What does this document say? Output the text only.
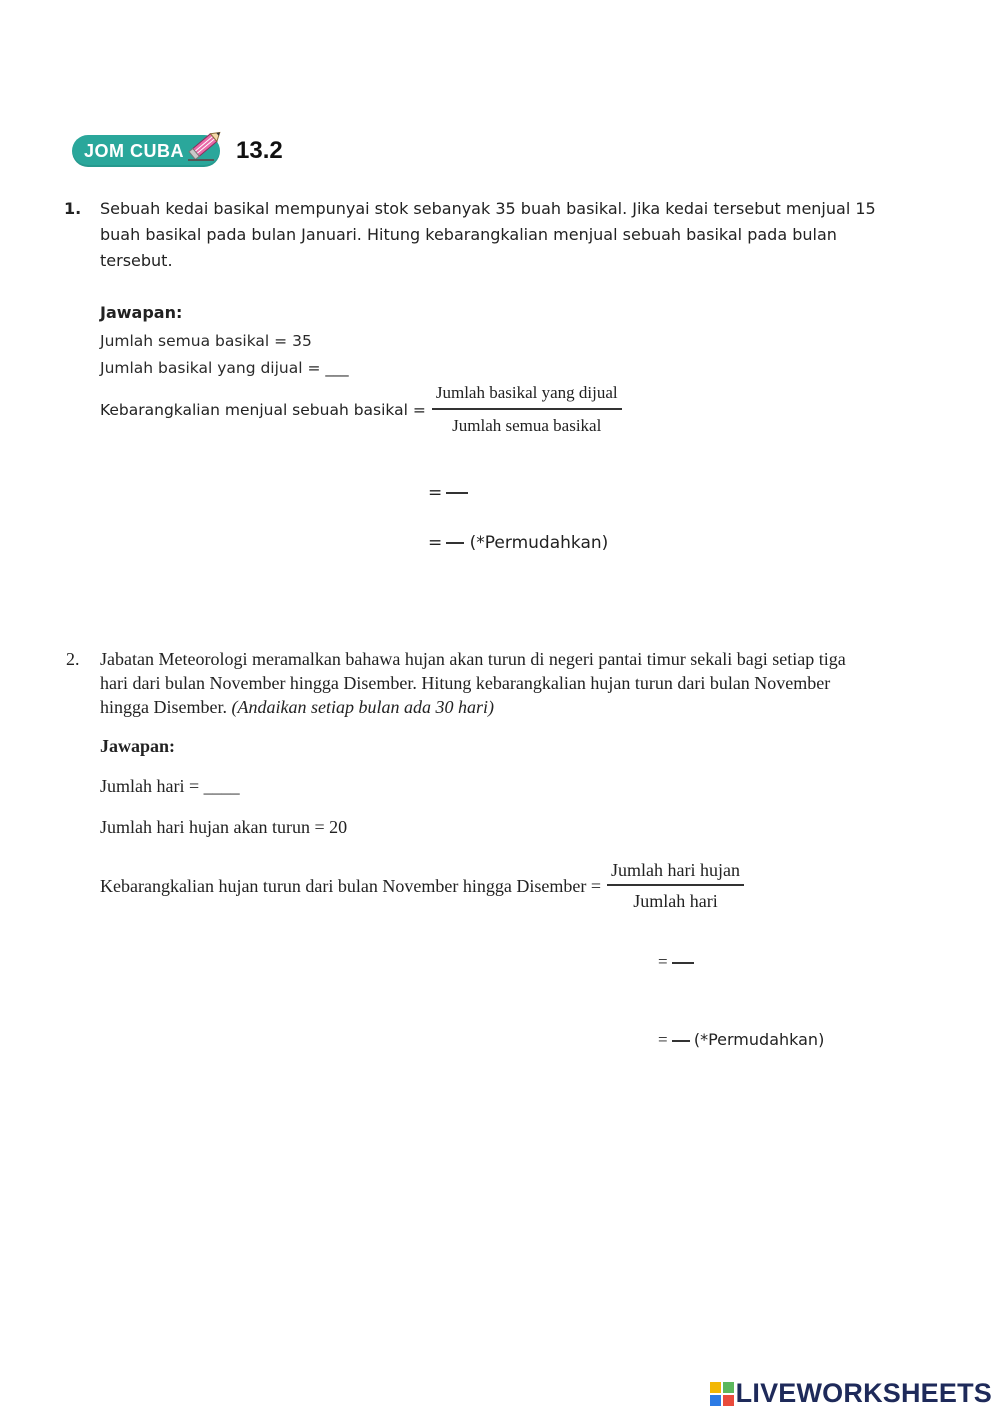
JOM CUBA 13.2
1. Sebuah kedai basikal mempunyai stok sebanyak 35 buah basikal. Jika kedai tersebut menjual 15 buah basikal pada bulan Januari. Hitung kebarangkalian menjual sebuah basikal pada bulan tersebut.
Jawapan:
Jumlah semua basikal = 35
Jumlah basikal yang dijual = ___
Kebarangkalian menjual sebuah basikal = $\frac{\text{Jumlah basikal yang dijual}}{\text{Jumlah semua basikal}}$
=
= (*Permudahkan)
2. Jabatan Meteorologi meramalkan bahawa hujan akan turun di negeri pantai timur sekali bagi setiap tiga hari dari bulan November hingga Disember. Hitung kebarangkalian hujan turun dari bulan November hingga Disember. (Andaikan setiap bulan ada 30 hari)
Jawapan:
Jumlah hari = ____
Jumlah hari hujan akan turun = 20
Kebarangkalian hujan turun dari bulan November hingga Disember = $\frac{\text{Jumlah hari hujan}}{\text{Jumlah hari}}$
=
= (*Permudahkan)
LIVEWORKSHEETS
